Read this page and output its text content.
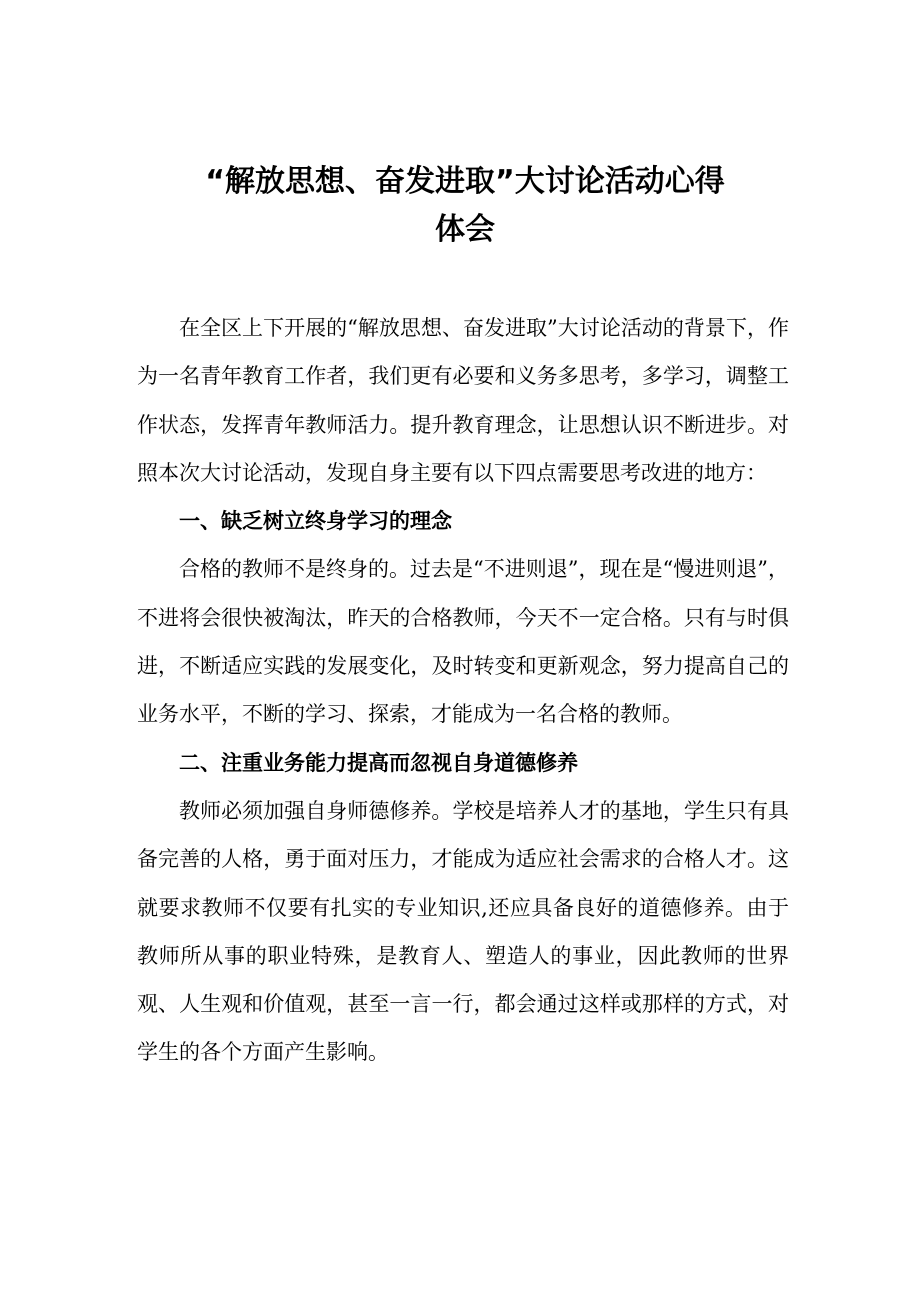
“解放思想、奋发进取”大讨论活动心得
体会

在全区上下开展的“解放思想、奋发进取”大讨论活动的背景下，作为一名青年教育工作者，我们更有必要和义务多思考，多学习，调整工作状态，发挥青年教师活力。提升教育理念，让思想认识不断进步。对照本次大讨论活动，发现自身主要有以下四点需要思考改进的地方：

一、缺乏树立终身学习的理念

合格的教师不是终身的。过去是“不进则退”，现在是“慢进则退”，不进将会很快被淘汰，昨天的合格教师，今天不一定合格。只有与时俱进，不断适应实践的发展变化，及时转变和更新观念，努力提高自己的业务水平，不断的学习、探索，才能成为一名合格的教师。

二、注重业务能力提高而忽视自身道德修养

教师必须加强自身师德修养。学校是培养人才的基地，学生只有具备完善的人格，勇于面对压力，才能成为适应社会需求的合格人才。这就要求教师不仅要有扎实的专业知识,还应具备良好的道德修养。由于教师所从事的职业特殊，是教育人、塑造人的事业，因此教师的世界观、人生观和价值观，甚至一言一行，都会通过这样或那样的方式，对学生的各个方面产生影响。
